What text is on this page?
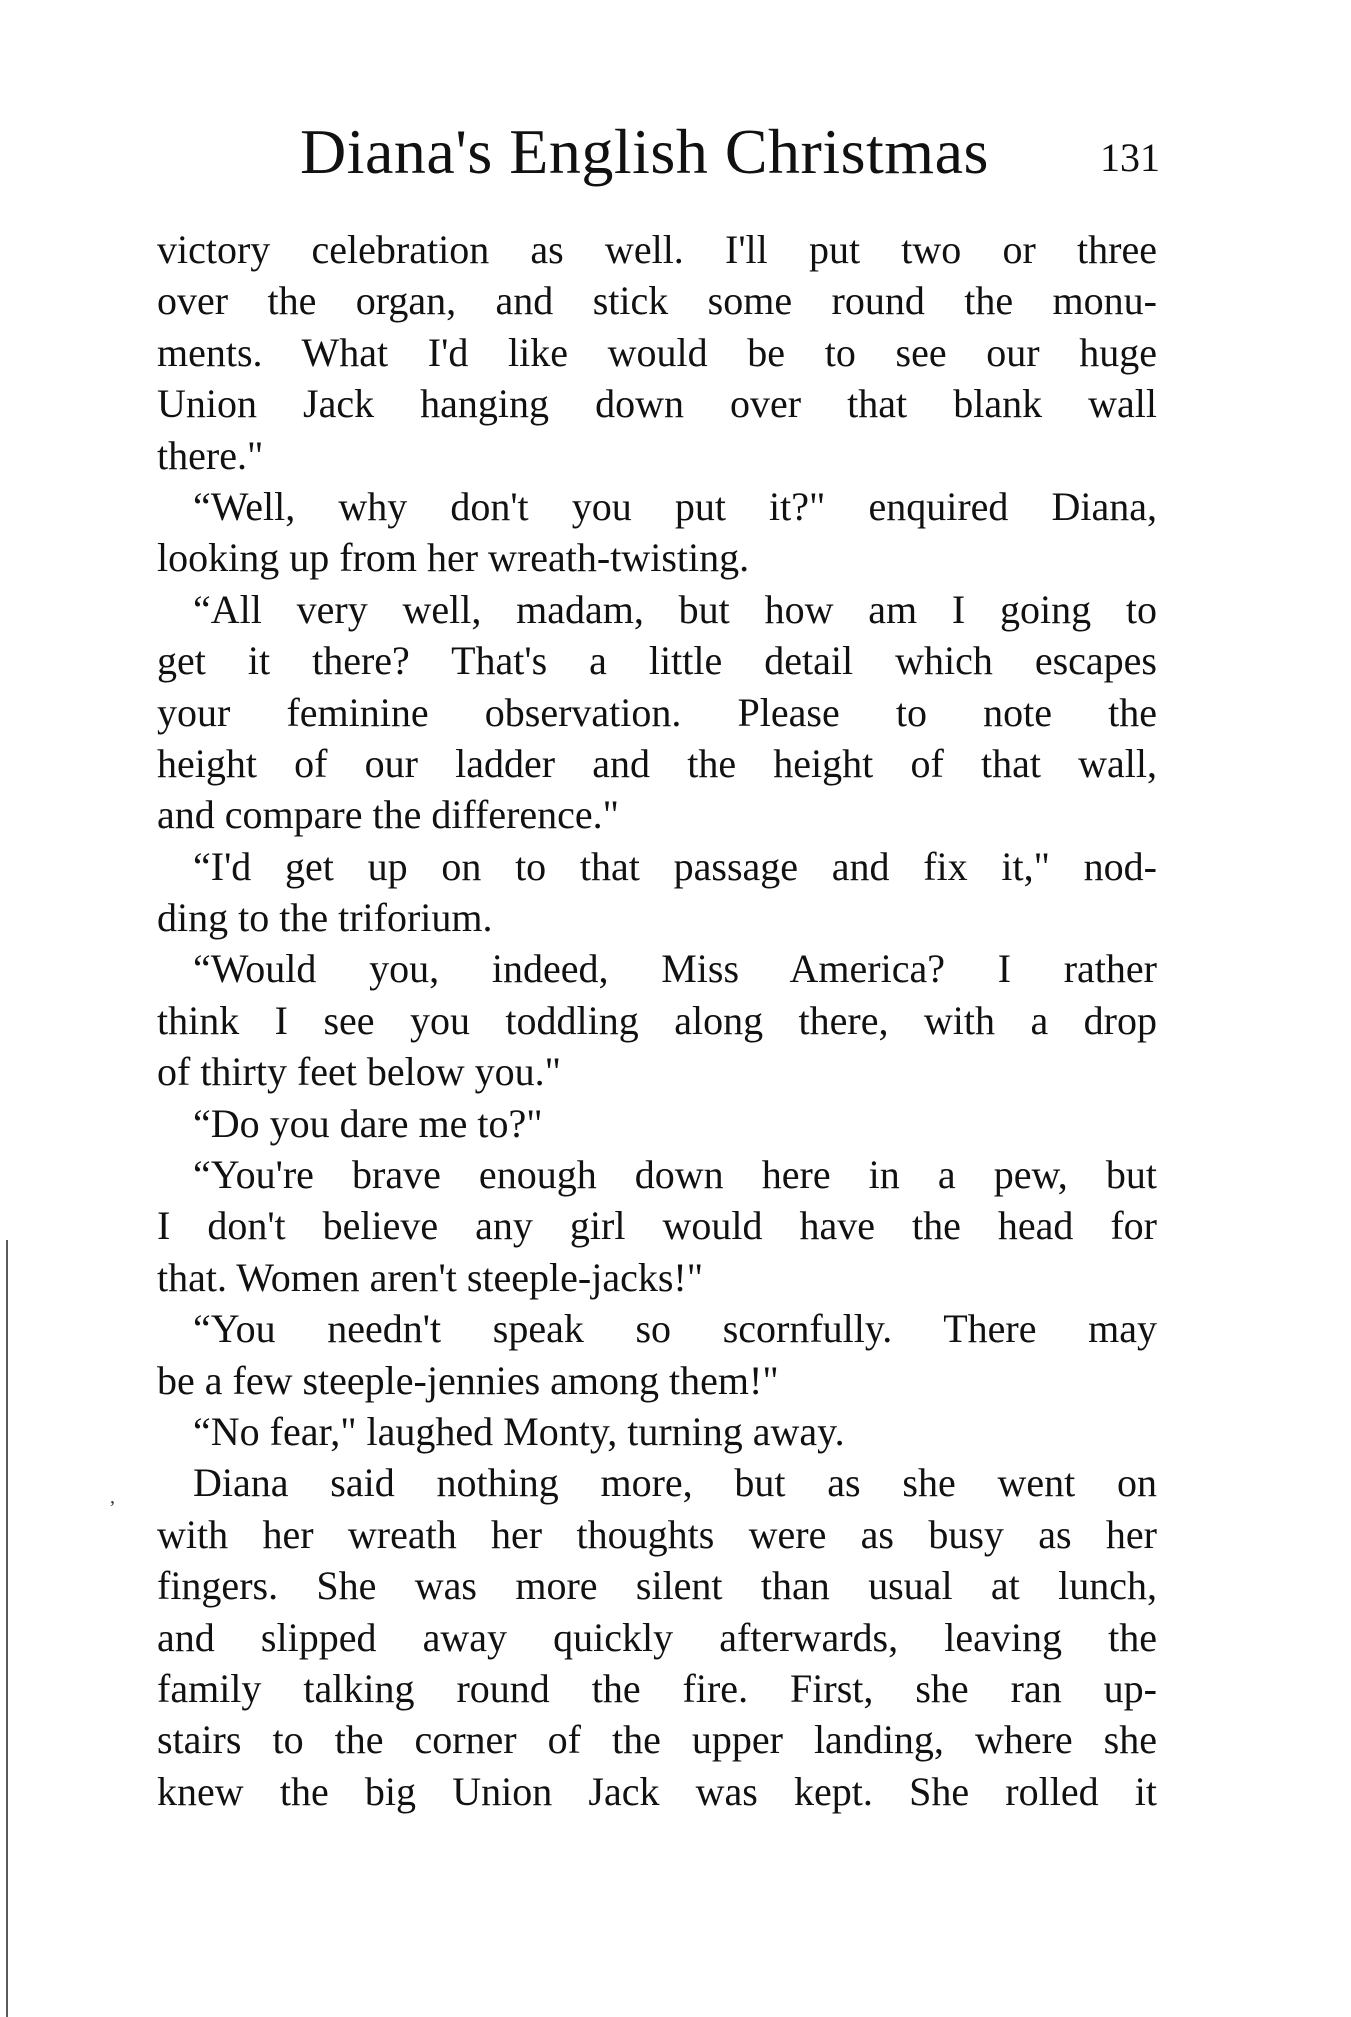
Diana's English Christmas	131
,
victory celebration as well. I'll put two or three
over the organ, and stick some round the monu-
ments. What I'd like would be to see our huge
Union Jack hanging down over that blank wall
there."
“Well, why don't you put it?" enquired Diana,
looking up from her wreath-twisting.
“All very well, madam, but how am I going to
get it there? That's a little detail which escapes
your feminine observation. Please to note the
height of our ladder and the height of that wall,
and compare the difference."
“I'd get up on to that passage and fix it," nod-
ding to the triforium.
“Would you, indeed, Miss America? I rather
think I see you toddling along there, with a drop
of thirty feet below you."
“Do you dare me to?"
“You're brave enough down here in a pew, but
I don't believe any girl would have the head for
that. Women aren't steeple-jacks!"
“You needn't speak so scornfully. There may
be a few steeple-jennies among them!"
“No fear," laughed Monty, turning away.
Diana said nothing more, but as she went on
with her wreath her thoughts were as busy as her
fingers. She was more silent than usual at lunch,
and slipped away quickly afterwards, leaving the
family talking round the fire. First, she ran up-
stairs to the corner of the upper landing, where she
knew the big Union Jack was kept. She rolled it
